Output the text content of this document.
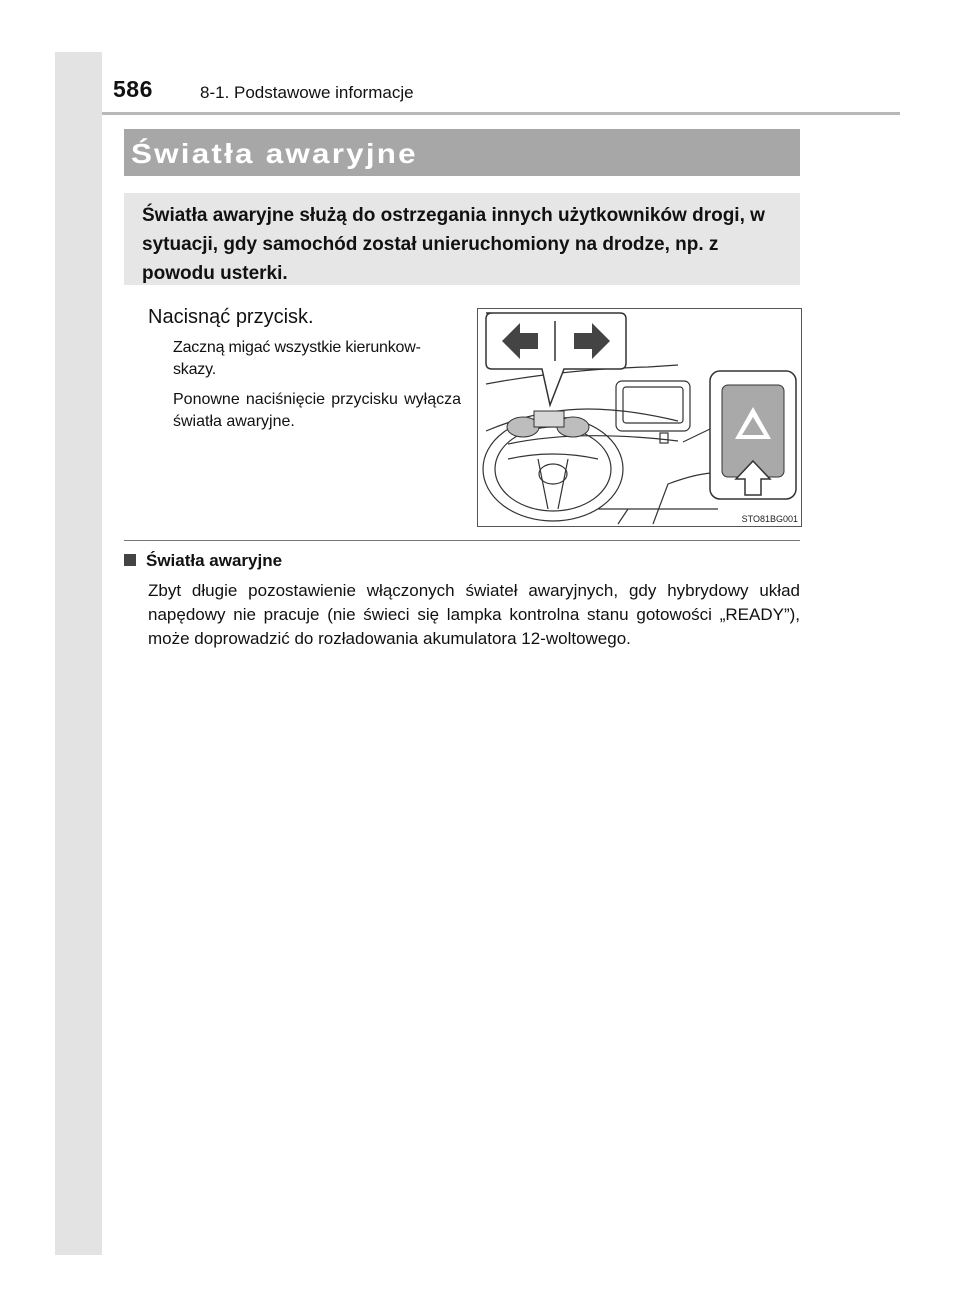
586	8-1. Podstawowe informacje
Światła awaryjne

Światła awaryjne służą do ostrzegania innych użytkowników drogi, w sytuacji, gdy samochód został unieruchomiony na drodze, np. z powodu usterki.

Nacisnąć przycisk.

Zaczną migać wszystkie kierunkow-skazy.

Ponowne naciśnięcie przycisku wyłącza światła awaryjne.

STO81BG001
Światła awaryjne

Zbyt długie pozostawienie włączonych świateł awaryjnych, gdy hybrydowy układ napędowy nie pracuje (nie świeci się lampka kontrolna stanu gotowości „READY”), może doprowadzić do rozładowania akumulatora 12-woltowego.
